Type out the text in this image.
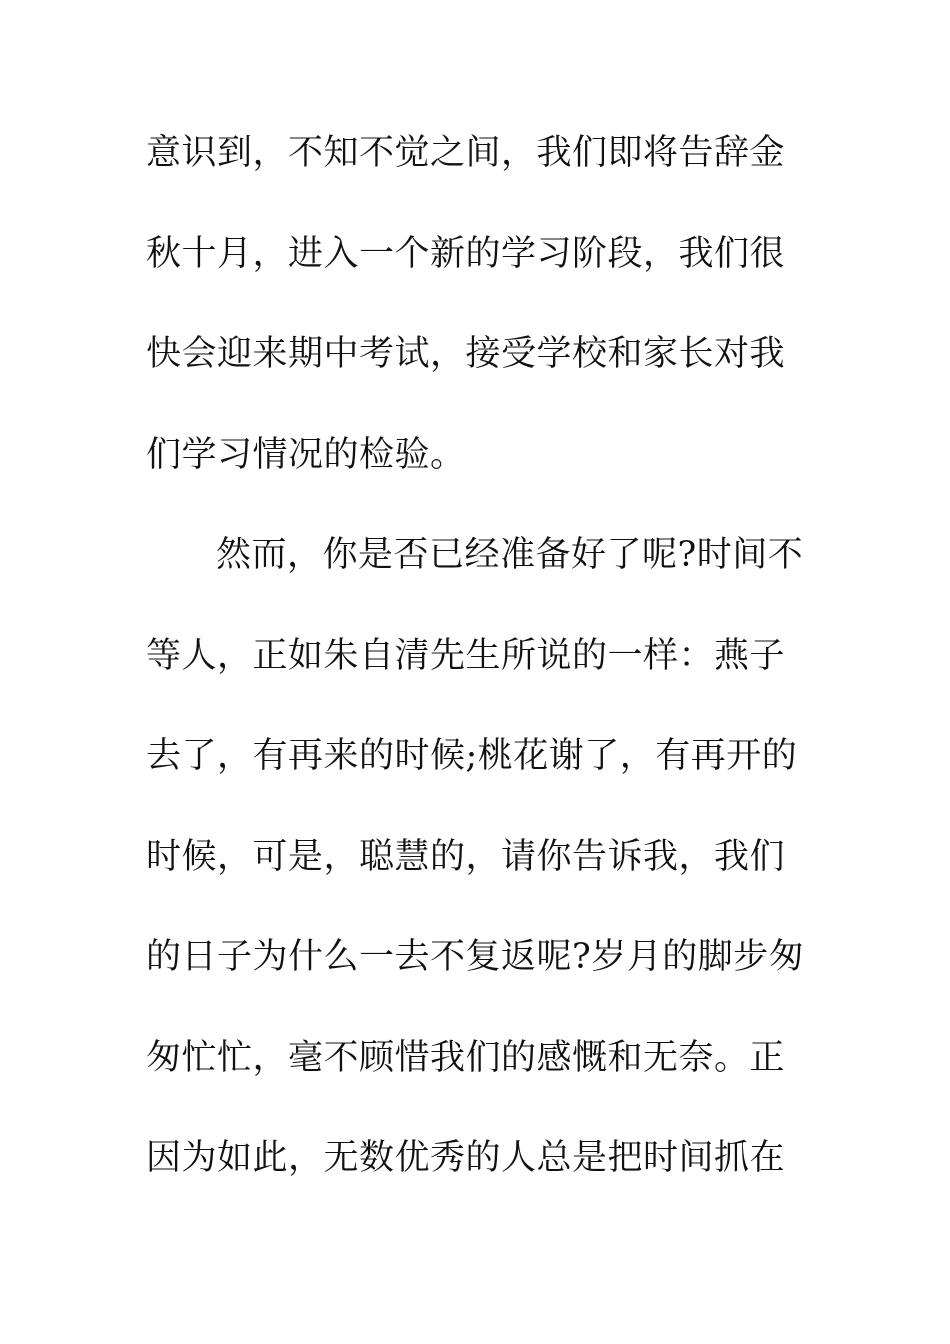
意识到，不知不觉之间，我们即将告辞金
秋十月，进入一个新的学习阶段，我们很
快会迎来期中考试，接受学校和家长对我
们学习情况的检验。
然而，你是否已经准备好了呢?时间不
等人，正如朱自清先生所说的一样：燕子
去了，有再来的时候;桃花谢了，有再开的
时候，可是，聪慧的，请你告诉我，我们
的日子为什么一去不复返呢?岁月的脚步匆
匆忙忙，毫不顾惜我们的感慨和无奈。正
因为如此，无数优秀的人总是把时间抓在
